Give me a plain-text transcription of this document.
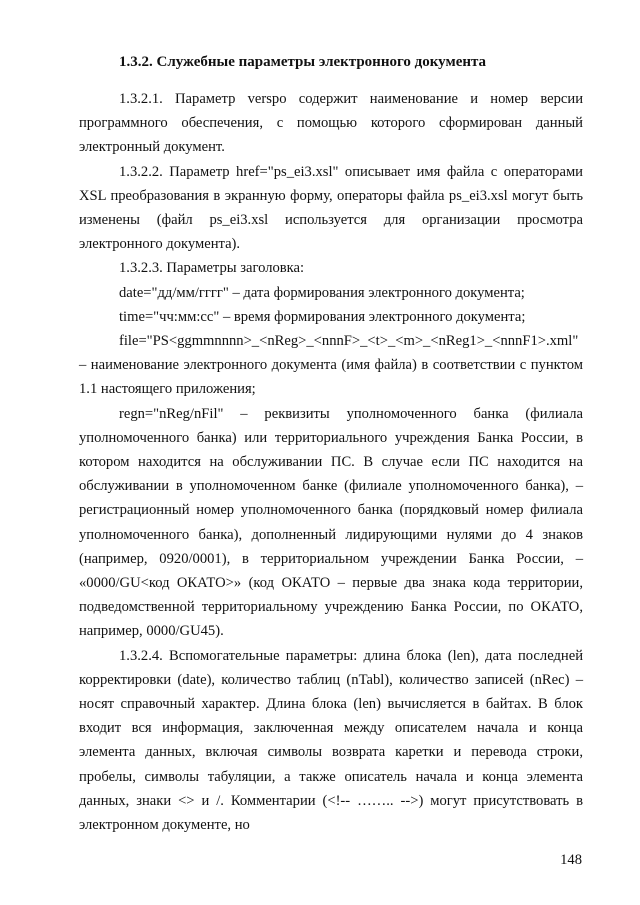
1.3.2. Служебные параметры электронного документа

1.3.2.1. Параметр versрo содержит наименование и номер версии программного обеспечения, с помощью которого сформирован данный электронный документ.

1.3.2.2. Параметр href="ps_ei3.xsl" описывает имя файла с операторами XSL преобразования в экранную форму, операторы файла ps_ei3.xsl могут быть изменены (файл ps_ei3.xsl используется для организации просмотра электронного документа).

1.3.2.3. Параметры заголовка:

date="дд/мм/гггг" – дата формирования электронного документа;

time="чч:мм:сс" – время формирования электронного документа;

file="PS<ggmmnnnn>_<nReg>_<nnnF>_<t>_<m>_<nReg1>_<nnnF1>.xml" – наименование электронного документа (имя файла) в соответствии с пунктом 1.1 настоящего приложения;

regn="nReg/nFil" – реквизиты уполномоченного банка (филиала уполномоченного банка) или территориального учреждения Банка России, в котором находится на обслуживании ПС. В случае если ПС находится на обслуживании в уполномоченном банке (филиале уполномоченного банка), – регистрационный номер уполномоченного банка (порядковый номер филиала уполномоченного банка), дополненный лидирующими нулями до 4 знаков (например, 0920/0001), в территориальном учреждении Банка России, – «0000/GU<код ОКАТО>» (код ОКАТО – первые два знака кода территории, подведомственной территориальному учреждению Банка России, по ОКАТО, например, 0000/GU45).

1.3.2.4. Вспомогательные параметры: длина блока (len), дата последней корректировки (date), количество таблиц (nTabl), количество записей (nRec) – носят справочный характер. Длина блока (len) вычисляется в байтах. В блок входит вся информация, заключенная между описателем начала и конца элемента данных, включая символы возврата каретки и перевода строки, пробелы, символы табуляции, а также описатель начала и конца элемента данных, знаки <> и /. Комментарии (<!-- …….. -->) могут присутствовать в электронном документе, но

148
